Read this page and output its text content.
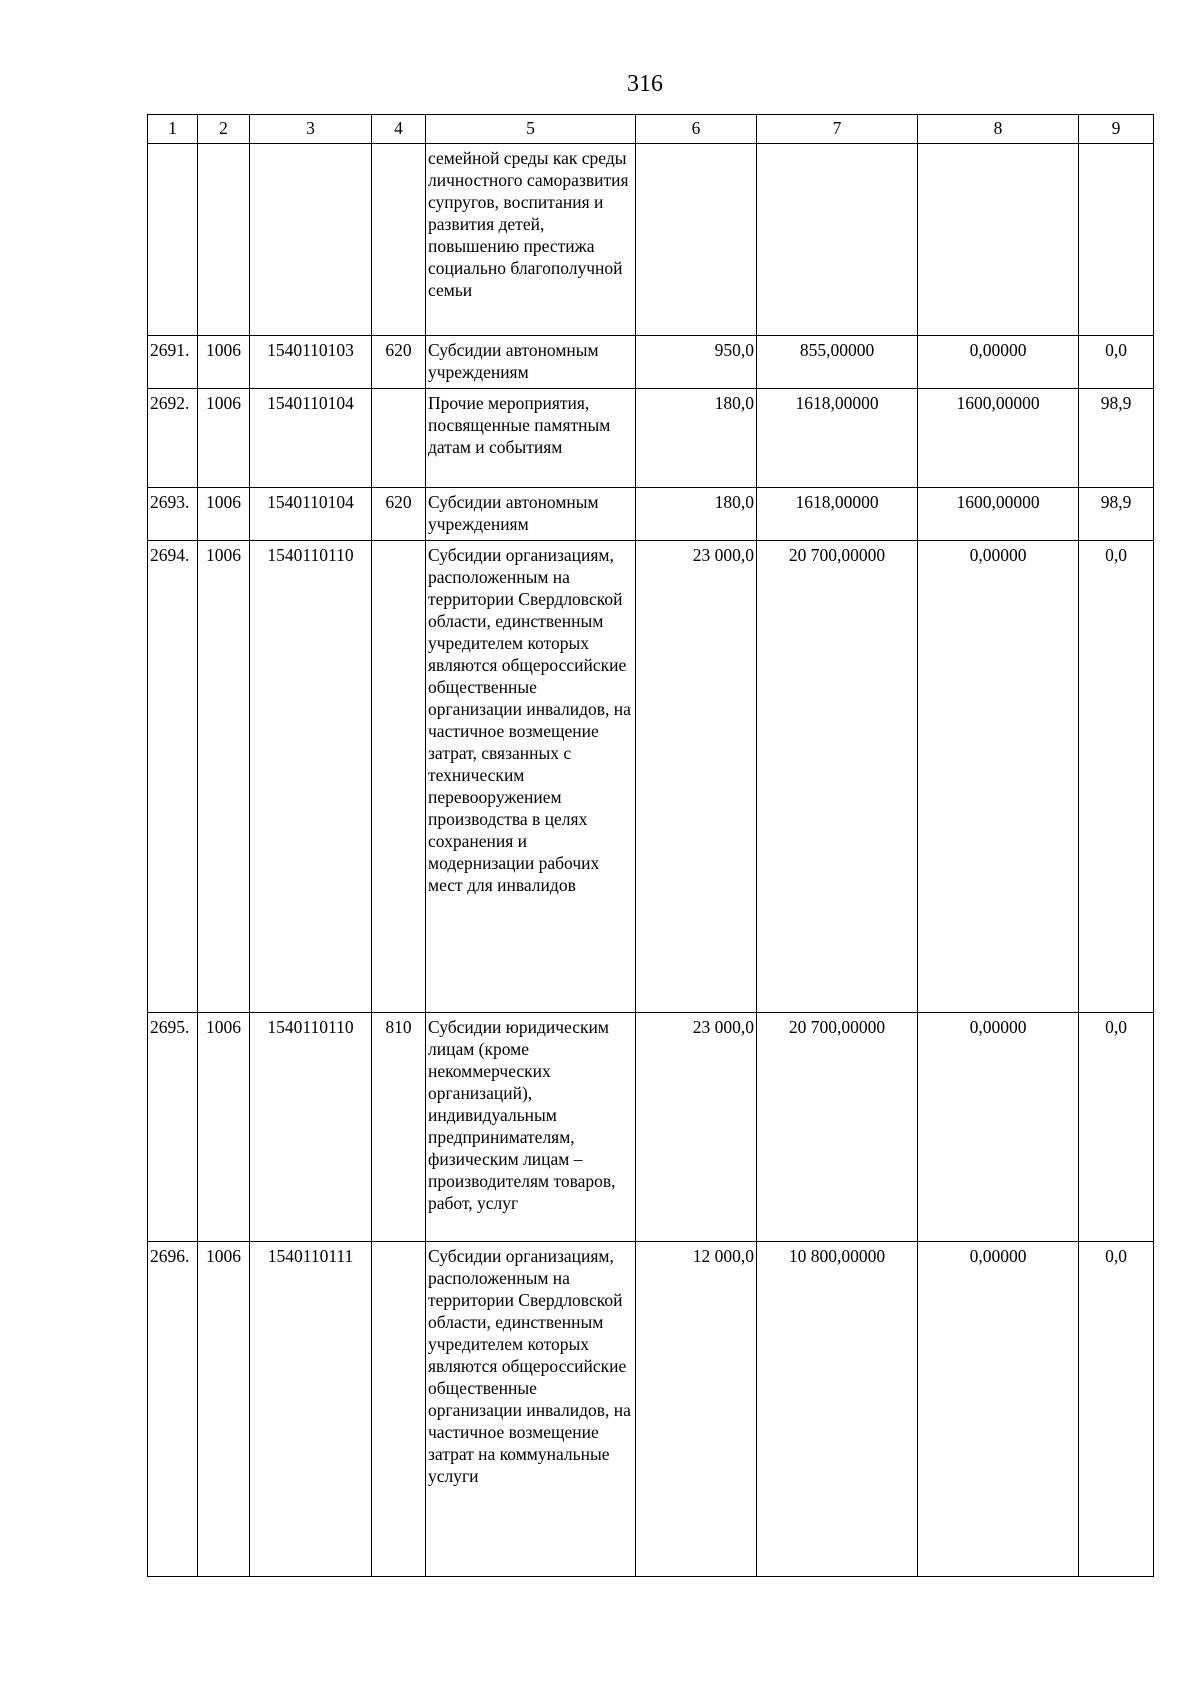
316
1	2	3	4	5	6	7	8	9
				семейной среды как среды личностного саморазвития супругов, воспитания и развития детей, повышению престижа социально благополучной семьи				
2691.	1006	1540110103	620	Субсидии автономным учреждениям	950,0	855,00000	0,00000	0,0
2692.	1006	1540110104		Прочие мероприятия, посвященные памятным датам и событиям	180,0	1618,00000	1600,00000	98,9
2693.	1006	1540110104	620	Субсидии автономным учреждениям	180,0	1618,00000	1600,00000	98,9
2694.	1006	1540110110		Субсидии организациям, расположенным на территории Свердловской области, единственным учредителем которых являются общероссийские общественные организации инвалидов, на частичное возмещение затрат, связанных с техническим перевооружением производства в целях сохранения и модернизации рабочих мест для инвалидов	23 000,0	20 700,00000	0,00000	0,0
2695.	1006	1540110110	810	Субсидии юридическим лицам (кроме некоммерческих организаций), индивидуальным предпринимателям, физическим лицам – производителям товаров, работ, услуг	23 000,0	20 700,00000	0,00000	0,0
2696.	1006	1540110111		Субсидии организациям, расположенным на территории Свердловской области, единственным учредителем которых являются общероссийские общественные организации инвалидов, на частичное возмещение затрат на коммунальные услуги	12 000,0	10 800,00000	0,00000	0,0
